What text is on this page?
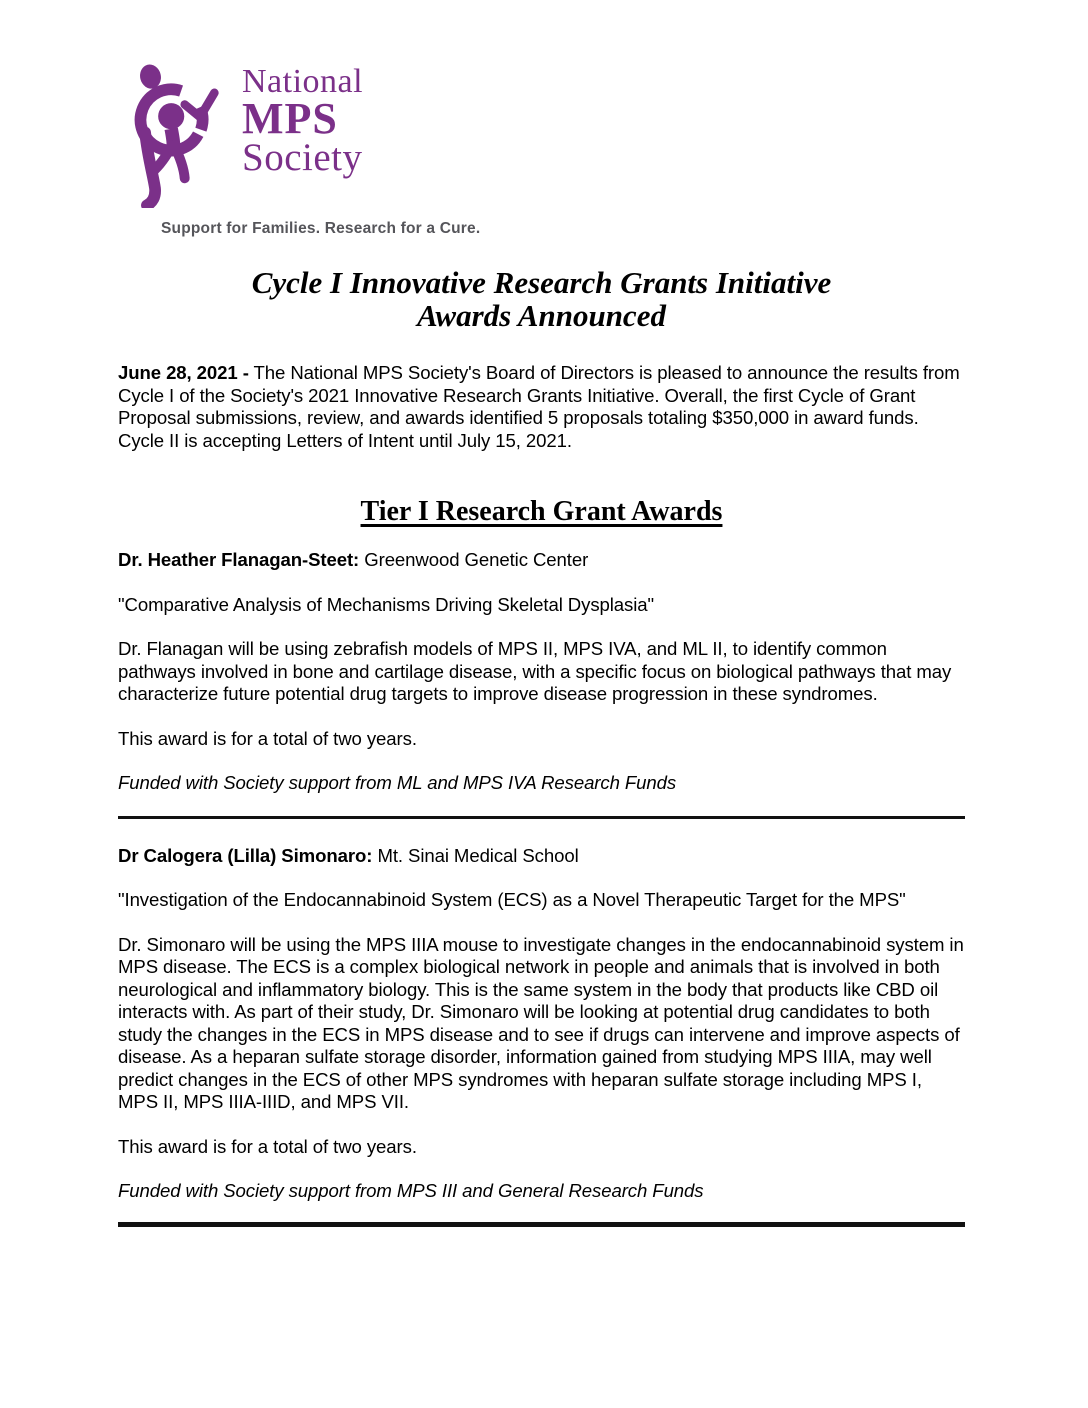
National
MPS
Society
Support for Families. Research for a Cure.
Cycle I Innovative Research Grants Initiative
Awards Announced

June 28, 2021 - The National MPS Society's Board of Directors is pleased to announce the results from Cycle I of the Society's 2021 Innovative Research Grants Initiative. Overall, the first Cycle of Grant Proposal submissions, review, and awards identified 5 proposals totaling $350,000 in award funds. Cycle II is accepting Letters of Intent until July 15, 2021.

Tier I Research Grant Awards

Dr. Heather Flanagan-Steet: Greenwood Genetic Center

"Comparative Analysis of Mechanisms Driving Skeletal Dysplasia"

Dr. Flanagan will be using zebrafish models of MPS II, MPS IVA, and ML II, to identify common pathways involved in bone and cartilage disease, with a specific focus on biological pathways that may characterize future potential drug targets to improve disease progression in these syndromes.

This award is for a total of two years.

Funded with Society support from ML and MPS IVA Research Funds

Dr Calogera (Lilla) Simonaro: Mt. Sinai Medical School

"Investigation of the Endocannabinoid System (ECS) as a Novel Therapeutic Target for the MPS"

Dr. Simonaro will be using the MPS IIIA mouse to investigate changes in the endocannabinoid system in MPS disease. The ECS is a complex biological network in people and animals that is involved in both neurological and inflammatory biology. This is the same system in the body that products like CBD oil interacts with. As part of their study, Dr. Simonaro will be looking at potential drug candidates to both study the changes in the ECS in MPS disease and to see if drugs can intervene and improve aspects of disease. As a heparan sulfate storage disorder, information gained from studying MPS IIIA, may well predict changes in the ECS of other MPS syndromes with heparan sulfate storage including MPS I, MPS II, MPS IIIA-IIID, and MPS VII.

This award is for a total of two years.

Funded with Society support from MPS III and General Research Funds
